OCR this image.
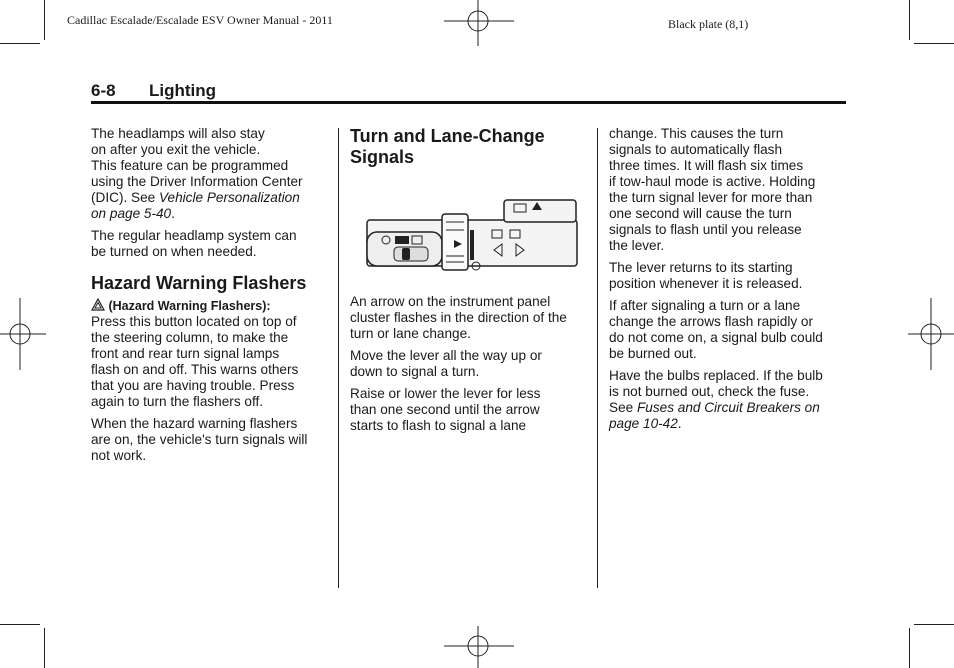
Cadillac Escalade/Escalade ESV Owner Manual - 2011	Black plate (8,1)
6-8 Lighting

The headlamps will also stay
on after you exit the vehicle.
This feature can be programmed
using the Driver Information Center
(DIC). See Vehicle Personalization
on page 5-40.

The regular headlamp system can
be turned on when needed.

Hazard Warning Flashers

(Hazard Warning Flashers):
Press this button located on top of
the steering column, to make the
front and rear turn signal lamps
flash on and off. This warns others
that you are having trouble. Press
again to turn the flashers off.

When the hazard warning flashers
are on, the vehicle's turn signals will
not work.

Turn and Lane-Change
Signals

An arrow on the instrument panel
cluster flashes in the direction of the
turn or lane change.

Move the lever all the way up or
down to signal a turn.

Raise or lower the lever for less
than one second until the arrow
starts to flash to signal a lane

change. This causes the turn
signals to automatically flash
three times. It will flash six times
if tow-haul mode is active. Holding
the turn signal lever for more than
one second will cause the turn
signals to flash until you release
the lever.

The lever returns to its starting
position whenever it is released.

If after signaling a turn or a lane
change the arrows flash rapidly or
do not come on, a signal bulb could
be burned out.

Have the bulbs replaced. If the bulb
is not burned out, check the fuse.
See Fuses and Circuit Breakers on
page 10-42.
